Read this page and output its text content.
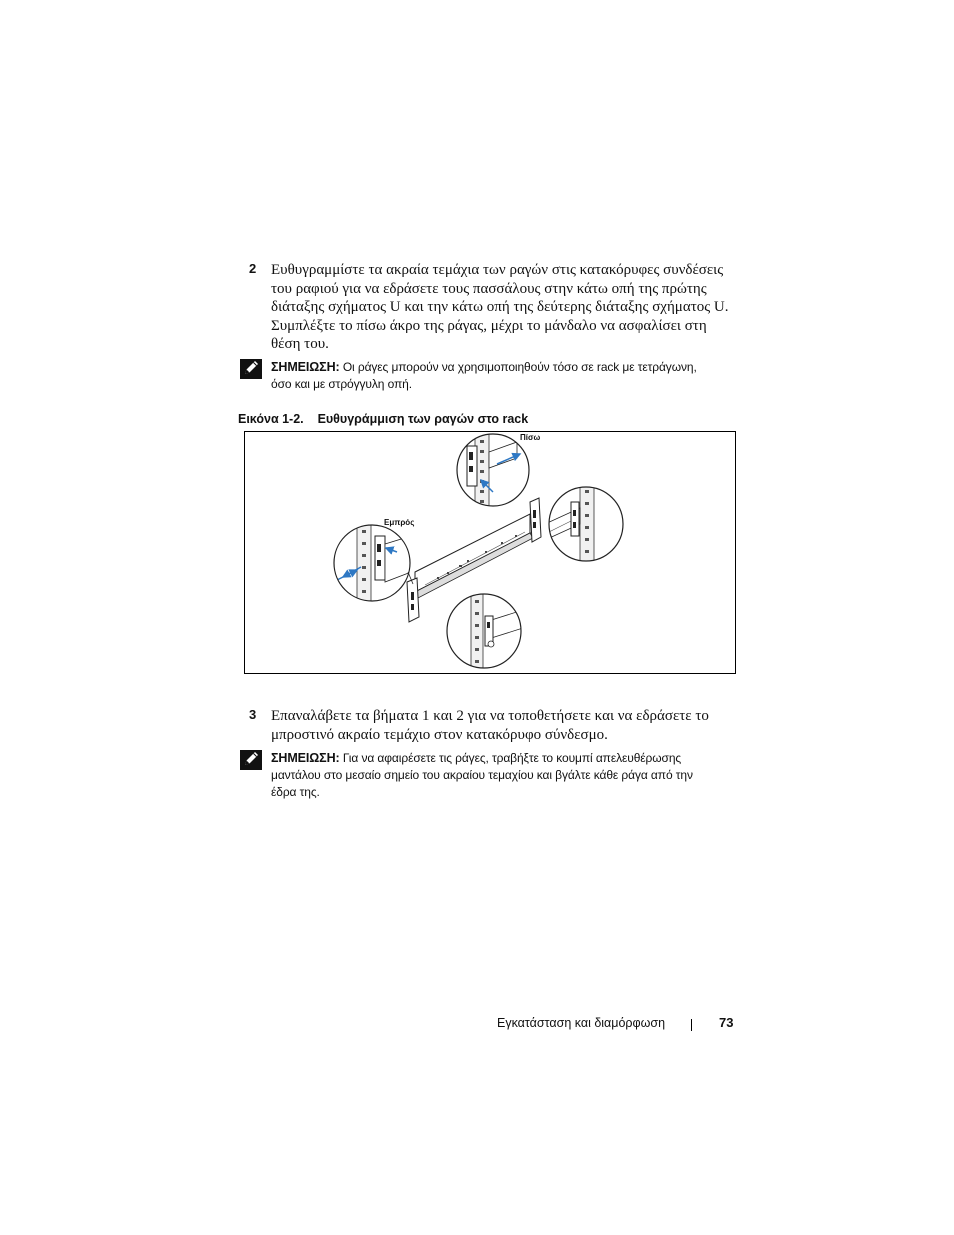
2 Ευθυγραμμίστε τα ακραία τεμάχια των ραγών στις κατακόρυφες συνδέσεις
του ραφιού για να εδράσετε τους πασσάλους στην κάτω οπή της πρώτης
διάταξης σχήματος U και την κάτω οπή της δεύτερης διάταξης σχήματος U.
Συμπλέξτε το πίσω άκρο της ράγας, μέχρι το μάνδαλο να ασφαλίσει στη
θέση του.
ΣΗΜΕΙΩΣΗ: Οι ράγες μπορούν να χρησιμοποιηθούν τόσο σε rack με τετράγωνη,
όσο και με στρόγγυλη οπή.
Εικόνα 1-2. Ευθυγράμμιση των ραγών στο rack
Πίσω
Εμπρός
3 Επαναλάβετε τα βήματα 1 και 2 για να τοποθετήσετε και να εδράσετε το
μπροστινό ακραίο τεμάχιο στον κατακόρυφο σύνδεσμο.
ΣΗΜΕΙΩΣΗ: Για να αφαιρέσετε τις ράγες, τραβήξτε το κουμπί απελευθέρωσης
μαντάλου στο μεσαίο σημείο του ακραίου τεμαχίου και βγάλτε κάθε ράγα από την
έδρα της.
Εγκατάσταση και διαμόρφωση	73
